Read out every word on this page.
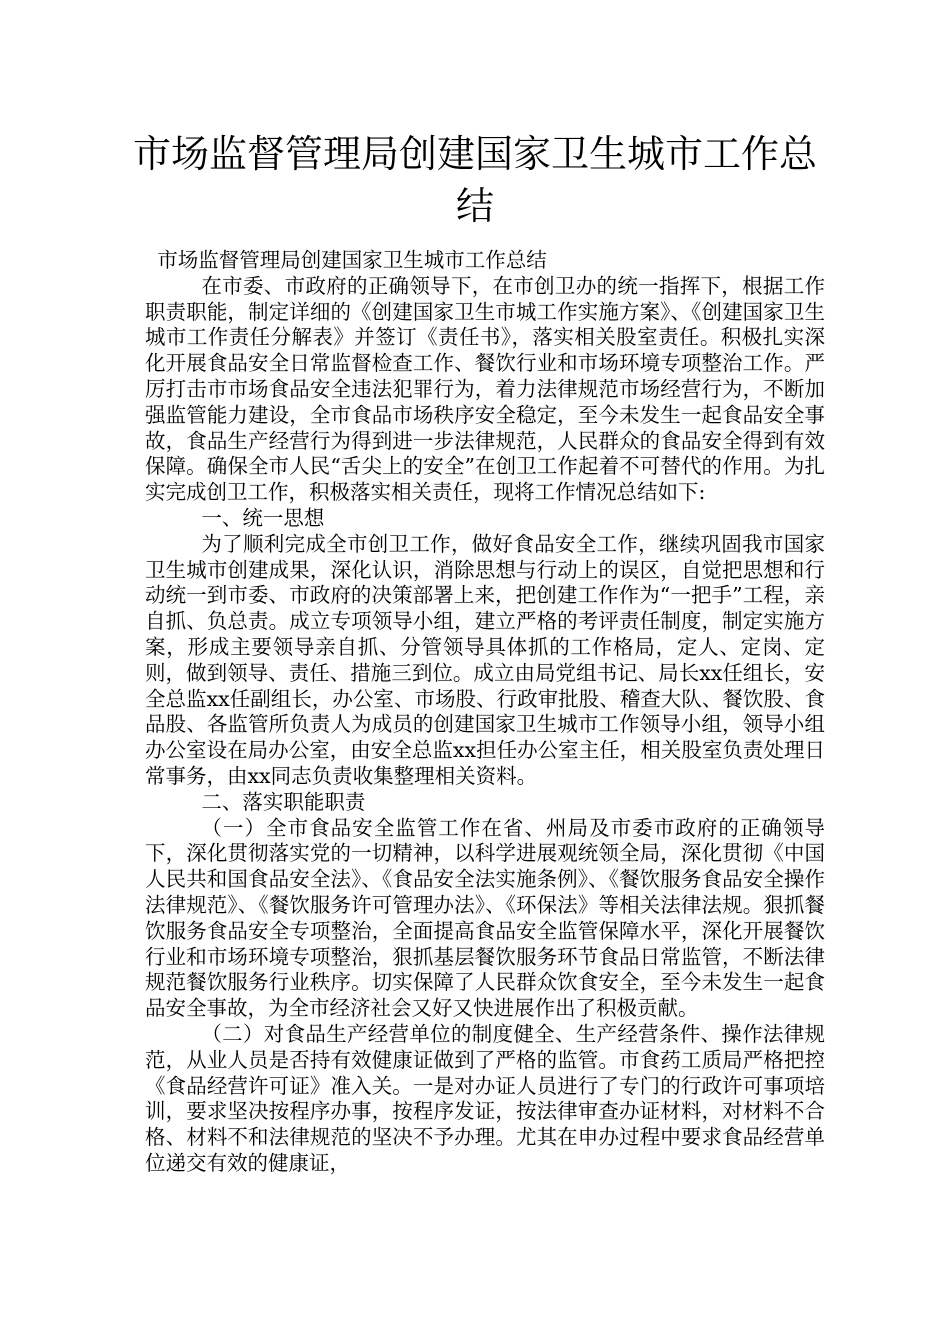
市场监督管理局创建国家卫生城市工作总结

市场监督管理局创建国家卫生城市工作总结

在市委、市政府的正确领导下，在市创卫办的统一指挥下，根据工作职责职能，制定详细的《创建国家卫生市城工作实施方案》、《创建国家卫生城市工作责任分解表》并签订《责任书》，落实相关股室责任。积极扎实深化开展食品安全日常监督检查工作、餐饮行业和市场环境专项整治工作。严厉打击市市场食品安全违法犯罪行为，着力法律规范市场经营行为，不断加强监管能力建设，全市食品市场秩序安全稳定，至今未发生一起食品安全事故，食品生产经营行为得到进一步法律规范，人民群众的食品安全得到有效保障。确保全市人民“舌尖上的安全”在创卫工作起着不可替代的作用。为扎实完成创卫工作，积极落实相关责任，现将工作情况总结如下:

一、统一思想

为了顺利完成全市创卫工作，做好食品安全工作，继续巩固我市国家卫生城市创建成果，深化认识，消除思想与行动上的误区，自觉把思想和行动统一到市委、市政府的决策部署上来，把创建工作作为“一把手”工程，亲自抓、负总责。成立专项领导小组，建立严格的考评责任制度，制定实施方案，形成主要领导亲自抓、分管领导具体抓的工作格局，定人、定岗、定则，做到领导、责任、措施三到位。成立由局党组书记、局长xx任组长，安全总监xx任副组长，办公室、市场股、行政审批股、稽查大队、餐饮股、食品股、各监管所负责人为成员的创建国家卫生城市工作领导小组，领导小组办公室设在局办公室，由安全总监xx担任办公室主任，相关股室负责处理日常事务，由xx同志负责收集整理相关资料。

二、落实职能职责

（一）全市食品安全监管工作在省、州局及市委市政府的正确领导下，深化贯彻落实党的一切精神，以科学进展观统领全局，深化贯彻《中国人民共和国食品安全法》、《食品安全法实施条例》、《餐饮服务食品安全操作法律规范》、《餐饮服务许可管理办法》、《环保法》等相关法律法规。狠抓餐饮服务食品安全专项整治，全面提高食品安全监管保障水平，深化开展餐饮行业和市场环境专项整治，狠抓基层餐饮服务环节食品日常监管，不断法律规范餐饮服务行业秩序。切实保障了人民群众饮食安全，至今未发生一起食品安全事故，为全市经济社会又好又快进展作出了积极贡献。

（二）对食品生产经营单位的制度健全、生产经营条件、操作法律规范，从业人员是否持有效健康证做到了严格的监管。市食药工质局严格把控《食品经营许可证》准入关。一是对办证人员进行了专门的行政许可事项培训，要求坚决按程序办事，按程序发证，按法律审查办证材料，对材料不合格、材料不和法律规范的坚决不予办理。尤其在申办过程中要求食品经营单位递交有效的健康证，
